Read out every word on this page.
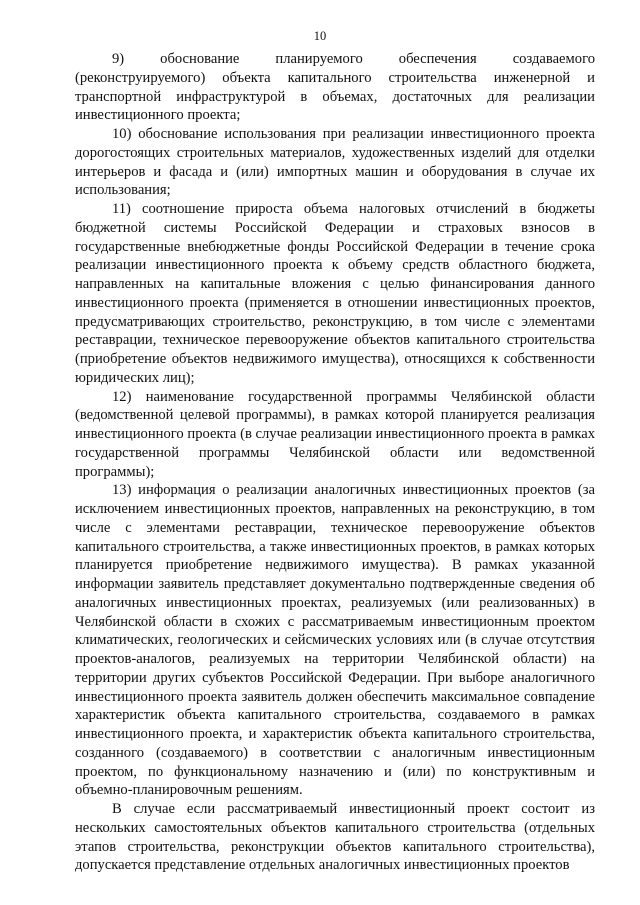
10

9) обоснование планируемого обеспечения создаваемого (реконструируемого) объекта капитального строительства инженерной и транспортной инфраструктурой в объемах, достаточных для реализации инвестиционного проекта;

10) обоснование использования при реализации инвестиционного проекта дорогостоящих строительных материалов, художественных изделий для отделки интерьеров и фасада и (или) импортных машин и оборудования в случае их использования;

11) соотношение прироста объема налоговых отчислений в бюджеты бюджетной системы Российской Федерации и страховых взносов в государственные внебюджетные фонды Российской Федерации в течение срока реализации инвестиционного проекта к объему средств областного бюджета, направленных на капитальные вложения с целью финансирования данного инвестиционного проекта (применяется в отношении инвестиционных проектов, предусматривающих строительство, реконструкцию, в том числе с элементами реставрации, техническое перевооружение объектов капитального строительства (приобретение объектов недвижимого имущества), относящихся к собственности юридических лиц);

12) наименование государственной программы Челябинской области (ведомственной целевой программы), в рамках которой планируется реализация инвестиционного проекта (в случае реализации инвестиционного проекта в рамках государственной программы Челябинской области или ведомственной программы);

13) информация о реализации аналогичных инвестиционных проектов (за исключением инвестиционных проектов, направленных на реконструкцию, в том числе с элементами реставрации, техническое перевооружение объектов капитального строительства, а также инвестиционных проектов, в рамках которых планируется приобретение недвижимого имущества). В рамках указанной информации заявитель представляет документально подтвержденные сведения об аналогичных инвестиционных проектах, реализуемых (или реализованных) в Челябинской области в схожих с рассматриваемым инвестиционным проектом климатических, геологических и сейсмических условиях или (в случае отсутствия проектов-аналогов, реализуемых на территории Челябинской области) на территории других субъектов Российской Федерации. При выборе аналогичного инвестиционного проекта заявитель должен обеспечить максимальное совпадение характеристик объекта капитального строительства, создаваемого в рамках инвестиционного проекта, и характеристик объекта капитального строительства, созданного (создаваемого) в соответствии с аналогичным инвестиционным проектом, по функциональному назначению и (или) по конструктивным и объемно-планировочным решениям.

В случае если рассматриваемый инвестиционный проект состоит из нескольких самостоятельных объектов капитального строительства (отдельных этапов строительства, реконструкции объектов капитального строительства), допускается представление отдельных аналогичных инвестиционных проектов
